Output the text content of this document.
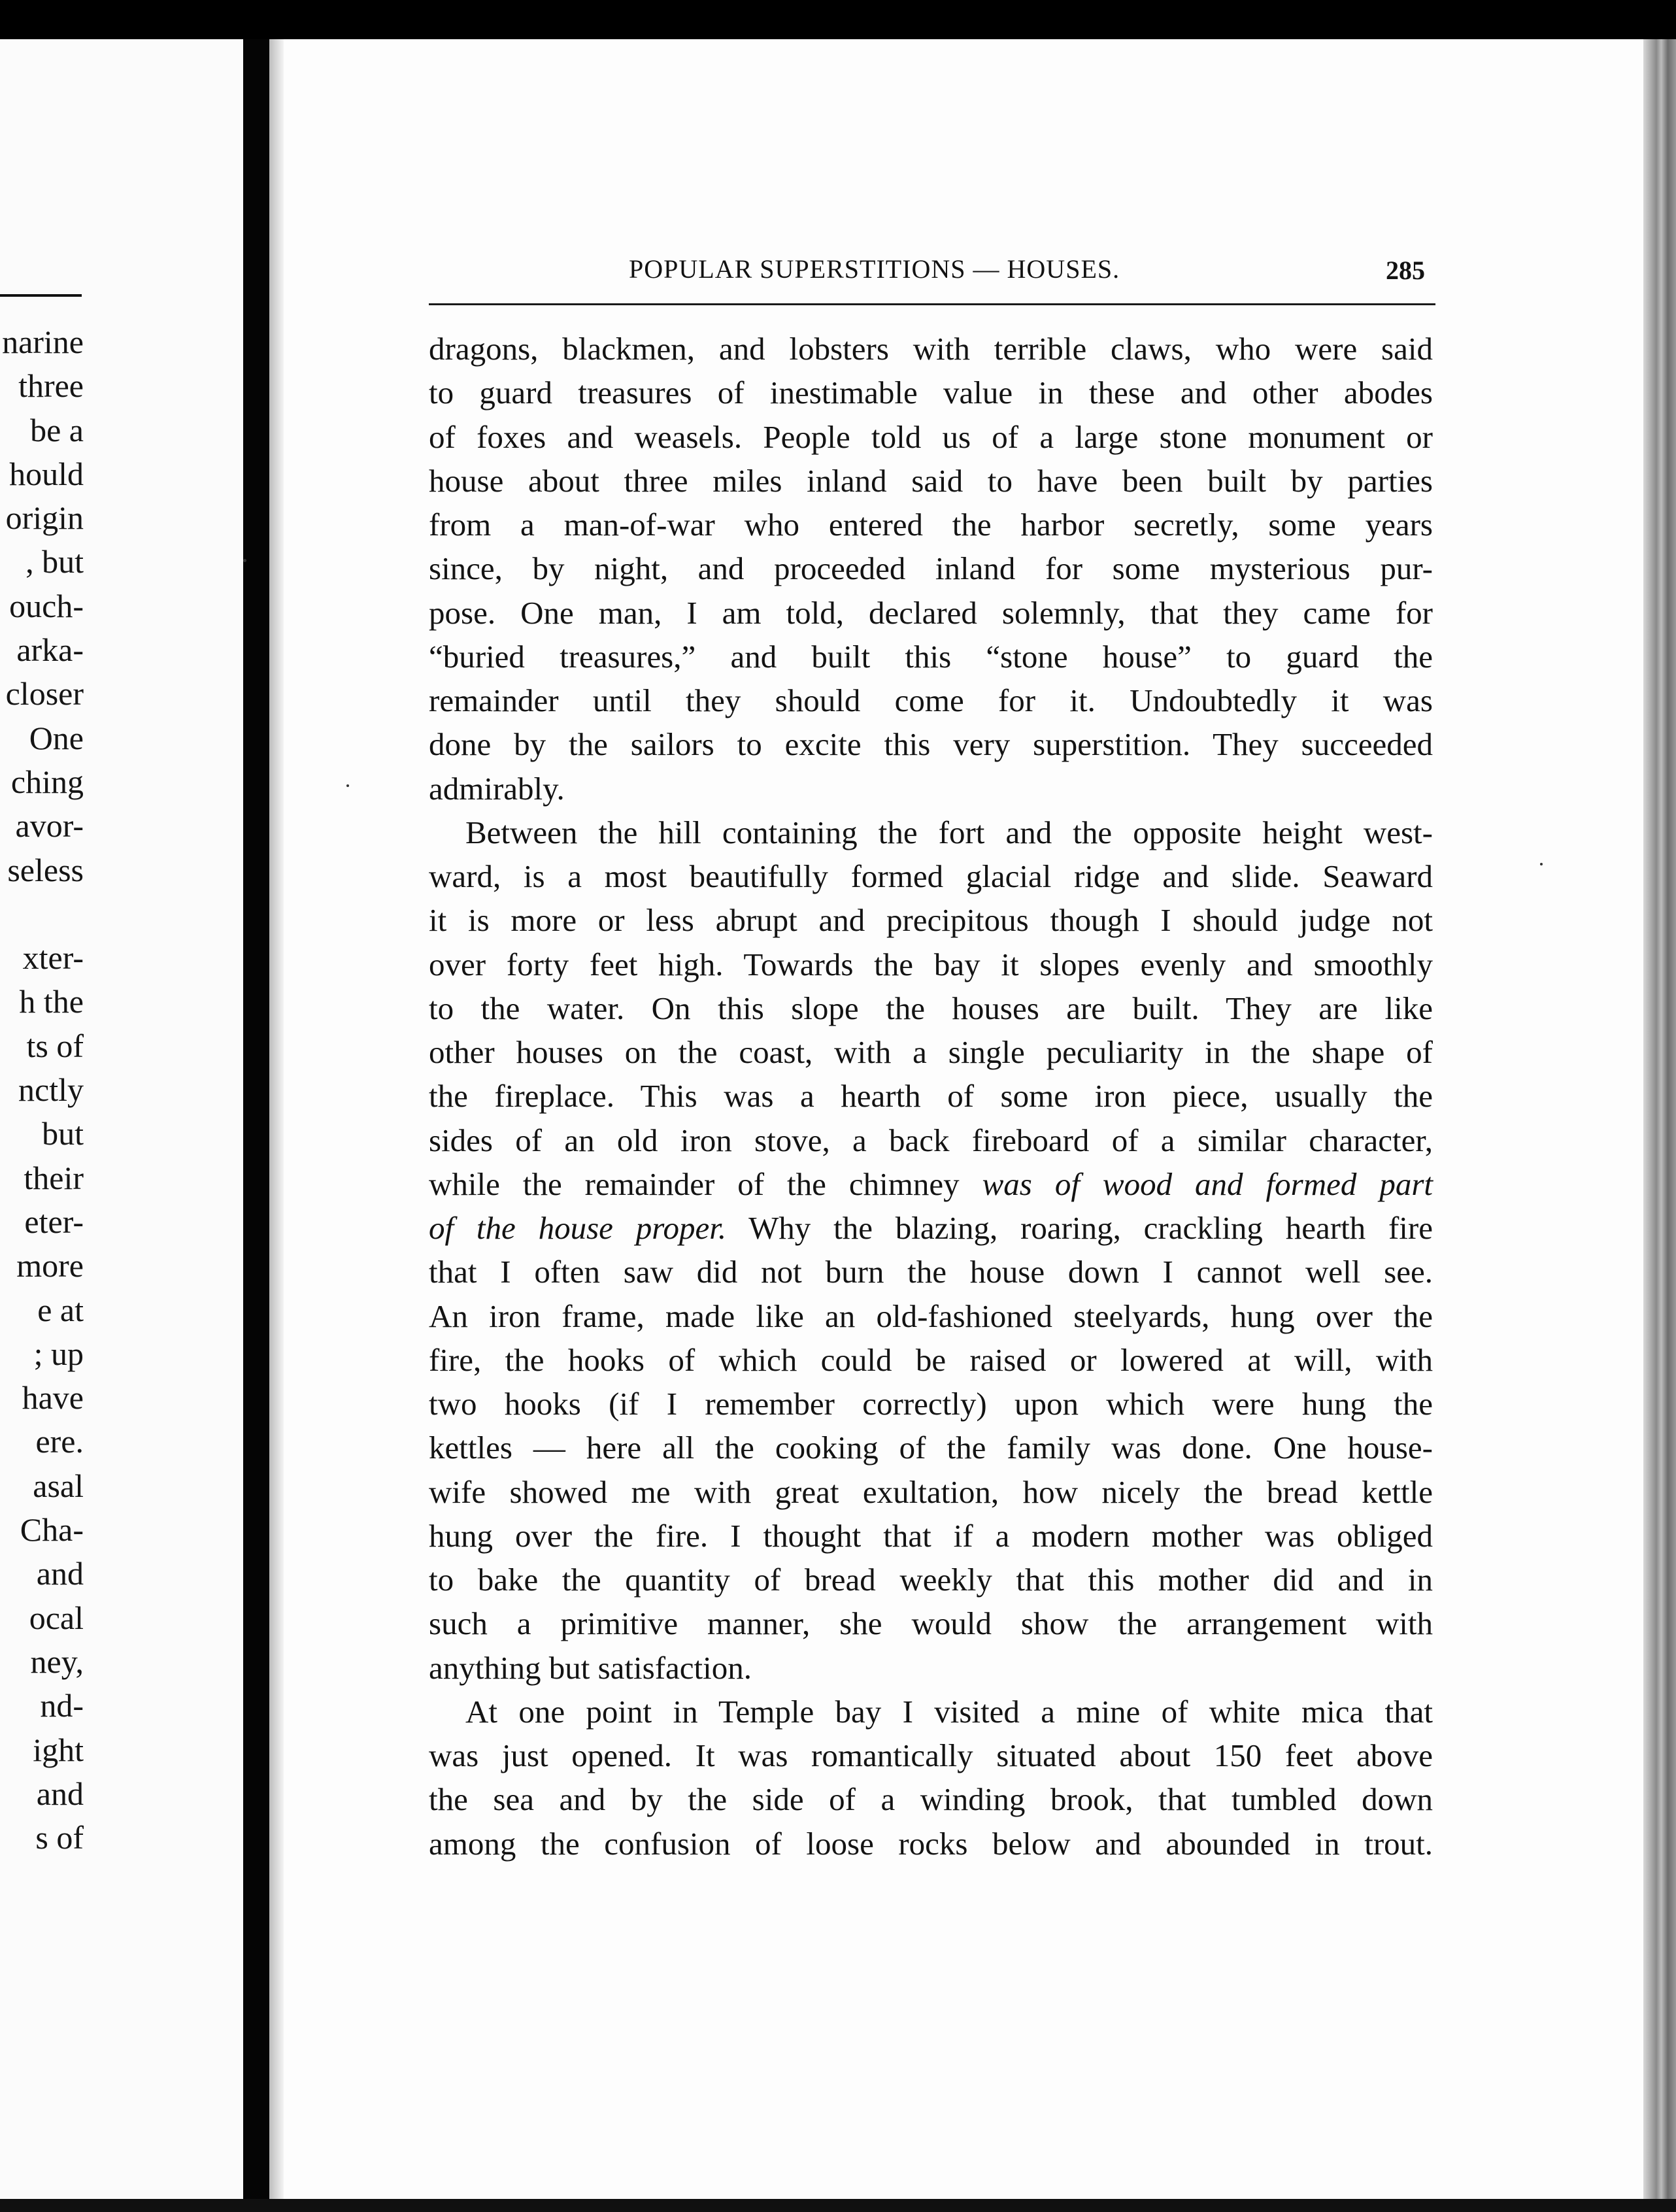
narine
three
be a
hould
origin
, but
ouch-
arka-
closer
One
ching
avor-
seless

xter-
h the
ts of
nctly
but
their
eter-
more
e at
; up
have
ere.
asal
Cha-
and
ocal
ney,
nd-
ight
and
s of
POPULAR SUPERSTITIONS — HOUSES.	285
dragons, blackmen, and lobsters with terrible claws, who were said
to guard treasures of inestimable value in these and other abodes
of foxes and weasels. People told us of a large stone monument or
house about three miles inland said to have been built by parties
from a man-of-war who entered the harbor secretly, some years
since, by night, and proceeded inland for some mysterious pur-
pose. One man, I am told, declared solemnly, that they came for
“buried treasures,” and built this “stone house” to guard the
remainder until they should come for it. Undoubtedly it was
done by the sailors to excite this very superstition. They succeeded
admirably.
Between the hill containing the fort and the opposite height west-
ward, is a most beautifully formed glacial ridge and slide. Seaward
it is more or less abrupt and precipitous though I should judge not
over forty feet high. Towards the bay it slopes evenly and smoothly
to the water. On this slope the houses are built. They are like
other houses on the coast, with a single peculiarity in the shape of
the fireplace. This was a hearth of some iron piece, usually the
sides of an old iron stove, a back fireboard of a similar character,
while the remainder of the chimney was of wood and formed part
of the house proper. Why the blazing, roaring, crackling hearth fire
that I often saw did not burn the house down I cannot well see.
An iron frame, made like an old-fashioned steelyards, hung over the
fire, the hooks of which could be raised or lowered at will, with
two hooks (if I remember correctly) upon which were hung the
kettles — here all the cooking of the family was done. One house-
wife showed me with great exultation, how nicely the bread kettle
hung over the fire. I thought that if a modern mother was obliged
to bake the quantity of bread weekly that this mother did and in
such a primitive manner, she would show the arrangement with
anything but satisfaction.
At one point in Temple bay I visited a mine of white mica that
was just opened. It was romantically situated about 150 feet above
the sea and by the side of a winding brook, that tumbled down
among the confusion of loose rocks below and abounded in trout.
